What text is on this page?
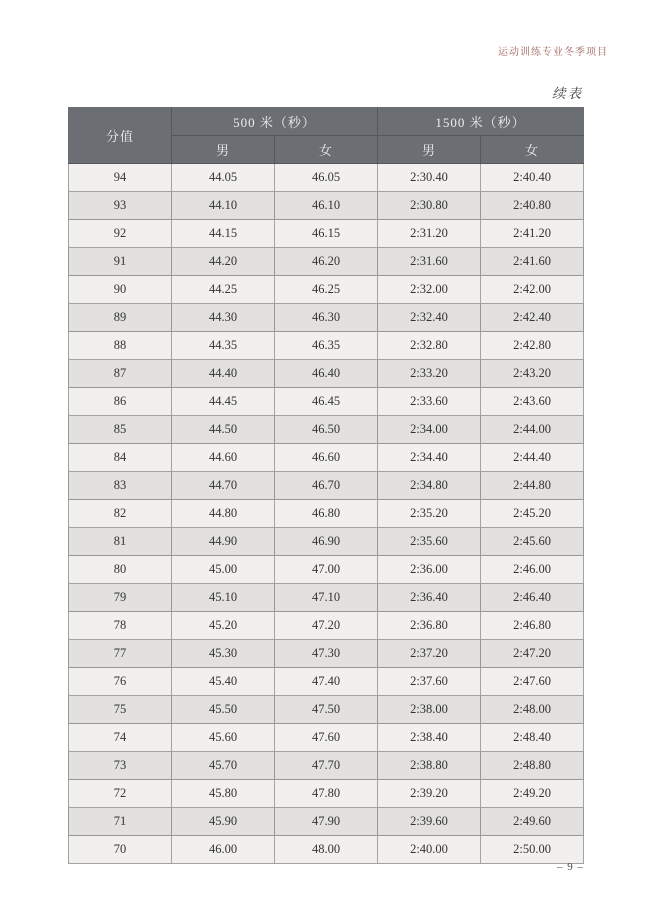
运动训练专业冬季项目
续表
分值	500 米（秒）		1500 米（秒）	
	男	女	男	女
94	44.05	46.05	2:30.40	2:40.40
93	44.10	46.10	2:30.80	2:40.80
92	44.15	46.15	2:31.20	2:41.20
91	44.20	46.20	2:31.60	2:41.60
90	44.25	46.25	2:32.00	2:42.00
89	44.30	46.30	2:32.40	2:42.40
88	44.35	46.35	2:32.80	2:42.80
87	44.40	46.40	2:33.20	2:43.20
86	44.45	46.45	2:33.60	2:43.60
85	44.50	46.50	2:34.00	2:44.00
84	44.60	46.60	2:34.40	2:44.40
83	44.70	46.70	2:34.80	2:44.80
82	44.80	46.80	2:35.20	2:45.20
81	44.90	46.90	2:35.60	2:45.60
80	45.00	47.00	2:36.00	2:46.00
79	45.10	47.10	2:36.40	2:46.40
78	45.20	47.20	2:36.80	2:46.80
77	45.30	47.30	2:37.20	2:47.20
76	45.40	47.40	2:37.60	2:47.60
75	45.50	47.50	2:38.00	2:48.00
74	45.60	47.60	2:38.40	2:48.40
73	45.70	47.70	2:38.80	2:48.80
72	45.80	47.80	2:39.20	2:49.20
71	45.90	47.90	2:39.60	2:49.60
70	46.00	48.00	2:40.00	2:50.00
– 9 –
